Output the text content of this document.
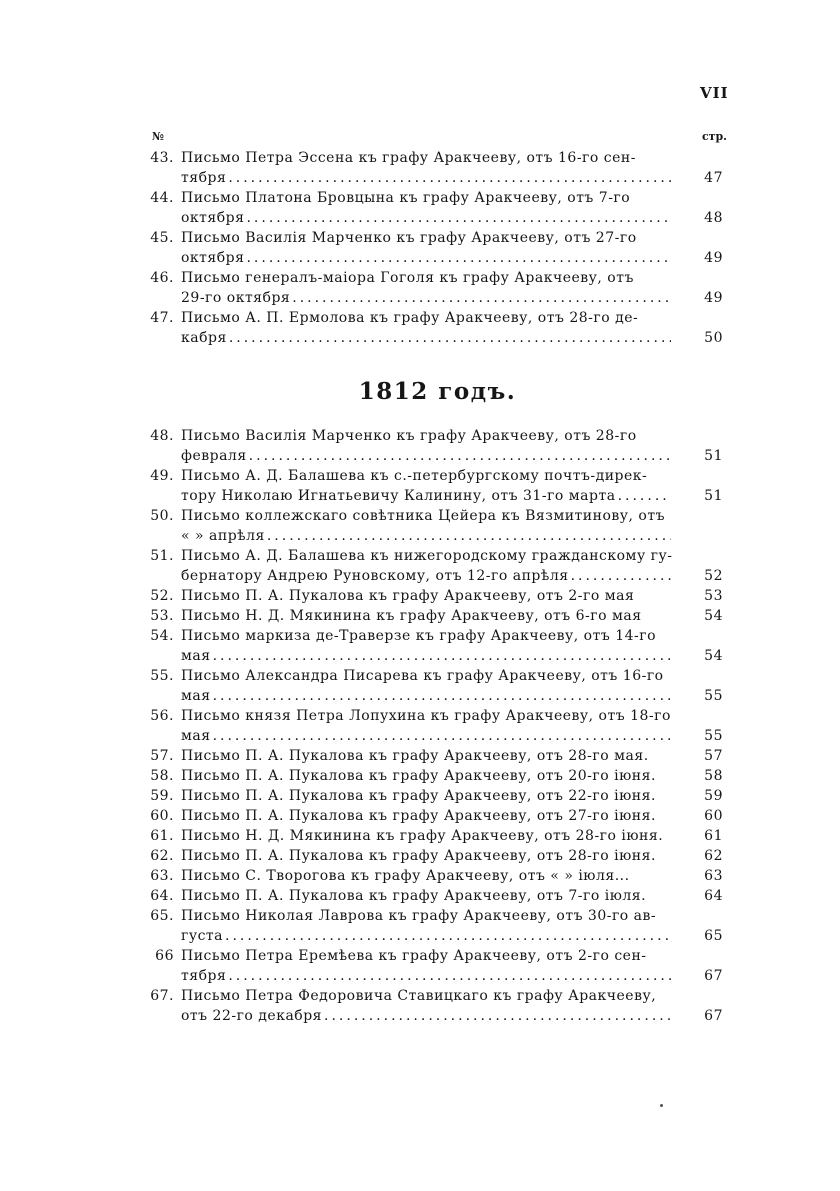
VII
№	стр.
43. Письмо Петра Эссена къ графу Аракчееву, отъ 16-го сен-
тября .....	47
44. Письмо Платона Бровцына къ графу Аракчееву, отъ 7-го
октября .....	48
45. Письмо Василія Марченко къ графу Аракчееву, отъ 27-го
октября .....	49
46. Письмо генералъ-маіора Гоголя къ графу Аракчееву, отъ
29-го октября .....	49
47. Письмо А. П. Ермолова къ графу Аракчееву, отъ 28-го де-
кабря .....	50
1812 годъ.
48. Письмо Василія Марченко къ графу Аракчееву, отъ 28-го
февраля .....	51
49. Письмо А. Д. Балашева къ с.-петербургскому почтъ-дирек-
тору Николаю Игнатьевичу Калинину, отъ 31-го марта .....	51
50. Письмо коллежскаго совѣтника Цейера къ Вязмитинову, отъ
« » апрѣля
.....
51. Письмо А. Д. Балашева къ нижегородскому гражданскому гу-
бернатору Андрею Руновскому, отъ 12-го апрѣля .....	52
52. Письмо П. А. Пукалова къ графу Аракчееву, отъ 2-го мая	53
53. Письмо Н. Д. Мякинина къ графу Аракчееву, отъ 6-го мая	54
54. Письмо маркиза де-Траверзе къ графу Аракчееву, отъ 14-го
мая .....	54
55. Письмо Александра Писарева къ графу Аракчееву, отъ 16-го
мая .....	55
56. Письмо князя Петра Лопухина къ графу Аракчееву, отъ 18-го
мая .....	55
57. Письмо П. А. Пукалова къ графу Аракчееву, отъ 28-го мая.	57
58. Письмо П. А. Пукалова къ графу Аракчееву, отъ 20-го іюня.	58
59. Письмо П. А. Пукалова къ графу Аракчееву, отъ 22-го іюня.	59
60. Письмо П. А. Пукалова къ графу Аракчееву, отъ 27-го іюня.	60
61. Письмо Н. Д. Мякинина къ графу Аракчееву, отъ 28-го іюня.	61
62. Письмо П. А. Пукалова къ графу Аракчееву, отъ 28-го іюня.	62
63. Письмо С. Творогова къ графу Аракчееву, отъ « » іюля...	63
64. Письмо П. А. Пукалова къ графу Аракчееву, отъ 7-го іюля.	64
65. Письмо Николая Лаврова къ графу Аракчееву, отъ 30-го ав-
густа .....	65
66 Письмо Петра Еремѣева къ графу Аракчееву, отъ 2-го сен-
тября .....	67
67. Письмо Петра Федоровича Ставицкаго къ графу Аракчееву,
отъ 22-го декабря .....	67
